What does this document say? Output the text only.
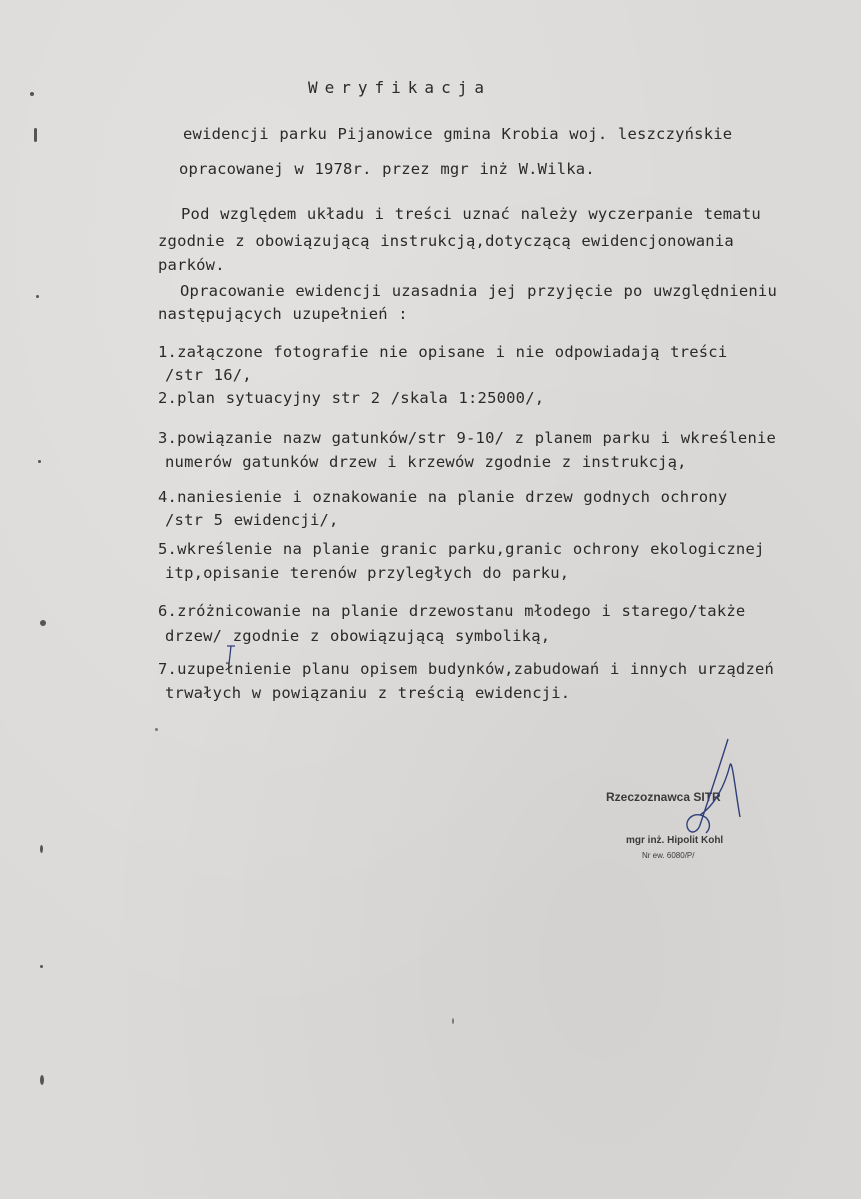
Weryfikacja
ewidencji parku Pijanowice gmina Krobia woj. leszczyńskie
opracowanej w 1978r. przez mgr inż W.Wilka.
Pod względem układu i treści uznać należy wyczerpanie tematu
zgodnie z obowiązującą instrukcją,dotyczącą ewidencjonowania
parków.
Opracowanie ewidencji uzasadnia jej przyjęcie po uwzględnieniu
następujących uzupełnień :
1.załączone fotografie nie opisane i nie odpowiadają treści
/str 16/,
2.plan sytuacyjny str 2 /skala 1:25000/,
3.powiązanie nazw gatunków/str 9-10/ z planem parku i wkreślenie
numerów gatunków drzew i krzewów zgodnie z instrukcją,
4.naniesienie i oznakowanie na planie drzew godnych ochrony
/str 5 ewidencji/,
5.wkreślenie na planie granic parku,granic ochrony ekologicznej
itp,opisanie terenów przyległych do parku,
6.zróżnicowanie na planie drzewostanu młodego i starego/także
drzew/ zgodnie z obowiązującą symboliką,
7.uzupełnienie planu opisem budynków,zabudowań i innych urządzeń
trwałych w powiązaniu z treścią ewidencji.
Rzeczoznawca SITR
mgr inż. Hipolit Kohl
Nr ew. 6080/P/
